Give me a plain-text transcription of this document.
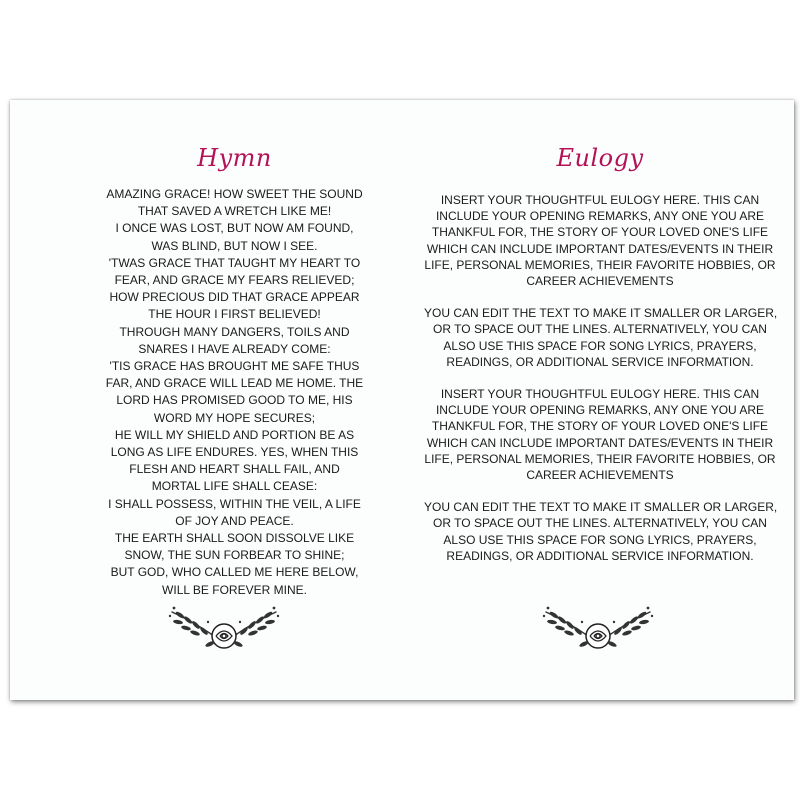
Hymn
AMAZING GRACE! HOW SWEET THE SOUND
THAT SAVED A WRETCH LIKE ME!
I ONCE WAS LOST, BUT NOW AM FOUND,
WAS BLIND, BUT NOW I SEE.
'TWAS GRACE THAT TAUGHT MY HEART TO
FEAR, AND GRACE MY FEARS RELIEVED;
HOW PRECIOUS DID THAT GRACE APPEAR
THE HOUR I FIRST BELIEVED!
THROUGH MANY DANGERS, TOILS AND
SNARES I HAVE ALREADY COME:
'TIS GRACE HAS BROUGHT ME SAFE THUS
FAR, AND GRACE WILL LEAD ME HOME. THE
LORD HAS PROMISED GOOD TO ME, HIS
WORD MY HOPE SECURES;
HE WILL MY SHIELD AND PORTION BE AS
LONG AS LIFE ENDURES. YES, WHEN THIS
FLESH AND HEART SHALL FAIL, AND
MORTAL LIFE SHALL CEASE:
I SHALL POSSESS, WITHIN THE VEIL, A LIFE
OF JOY AND PEACE.
THE EARTH SHALL SOON DISSOLVE LIKE
SNOW, THE SUN FORBEAR TO SHINE;
BUT GOD, WHO CALLED ME HERE BELOW,
WILL BE FOREVER MINE.
Eulogy
INSERT YOUR THOUGHTFUL EULOGY HERE. THIS CAN
INCLUDE YOUR OPENING REMARKS, ANY ONE YOU ARE
THANKFUL FOR, THE STORY OF YOUR LOVED ONE'S LIFE
WHICH CAN INCLUDE IMPORTANT DATES/EVENTS IN THEIR
LIFE, PERSONAL MEMORIES, THEIR FAVORITE HOBBIES, OR
CAREER ACHIEVEMENTS
YOU CAN EDIT THE TEXT TO MAKE IT SMALLER OR LARGER,
OR TO SPACE OUT THE LINES. ALTERNATIVELY, YOU CAN
ALSO USE THIS SPACE FOR SONG LYRICS, PRAYERS,
READINGS, OR ADDITIONAL SERVICE INFORMATION.
INSERT YOUR THOUGHTFUL EULOGY HERE. THIS CAN
INCLUDE YOUR OPENING REMARKS, ANY ONE YOU ARE
THANKFUL FOR, THE STORY OF YOUR LOVED ONE'S LIFE
WHICH CAN INCLUDE IMPORTANT DATES/EVENTS IN THEIR
LIFE, PERSONAL MEMORIES, THEIR FAVORITE HOBBIES, OR
CAREER ACHIEVEMENTS
YOU CAN EDIT THE TEXT TO MAKE IT SMALLER OR LARGER,
OR TO SPACE OUT THE LINES. ALTERNATIVELY, YOU CAN
ALSO USE THIS SPACE FOR SONG LYRICS, PRAYERS,
READINGS, OR ADDITIONAL SERVICE INFORMATION.
